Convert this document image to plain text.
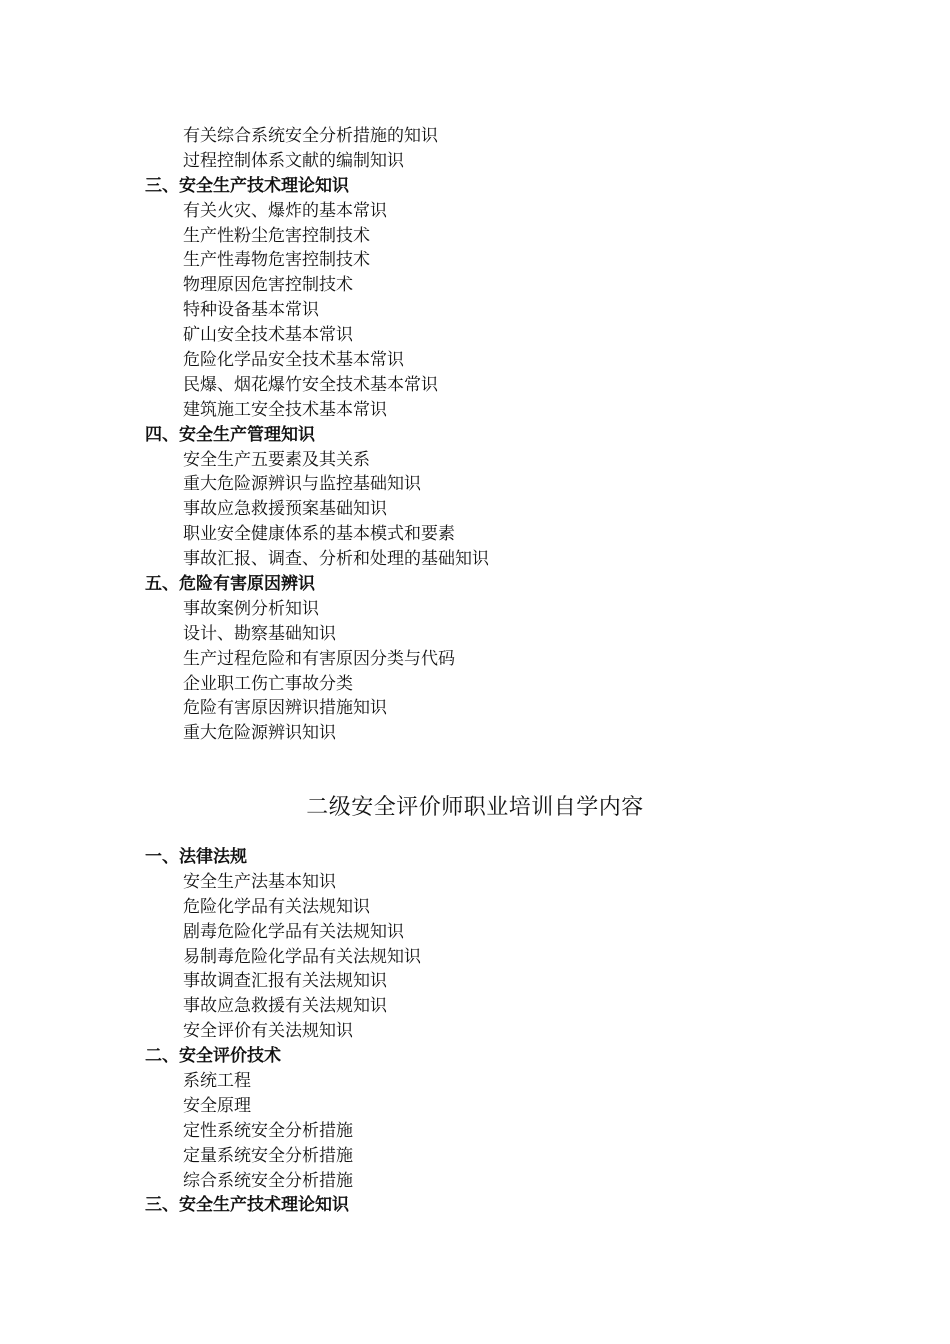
有关综合系统安全分析措施的知识
过程控制体系文献的编制知识
三、安全生产技术理论知识
有关火灾、爆炸的基本常识
生产性粉尘危害控制技术
生产性毒物危害控制技术
物理原因危害控制技术
特种设备基本常识
矿山安全技术基本常识
危险化学品安全技术基本常识
民爆、烟花爆竹安全技术基本常识
建筑施工安全技术基本常识
四、安全生产管理知识
安全生产五要素及其关系
重大危险源辨识与监控基础知识
事故应急救援预案基础知识
职业安全健康体系的基本模式和要素
事故汇报、调查、分析和处理的基础知识
五、危险有害原因辨识
事故案例分析知识
设计、勘察基础知识
生产过程危险和有害原因分类与代码
企业职工伤亡事故分类
危险有害原因辨识措施知识
重大危险源辨识知识
二级安全评价师职业培训自学内容
一、法律法规
安全生产法基本知识
危险化学品有关法规知识
剧毒危险化学品有关法规知识
易制毒危险化学品有关法规知识
事故调查汇报有关法规知识
事故应急救援有关法规知识
安全评价有关法规知识
二、安全评价技术
系统工程
安全原理
定性系统安全分析措施
定量系统安全分析措施
综合系统安全分析措施
三、安全生产技术理论知识
